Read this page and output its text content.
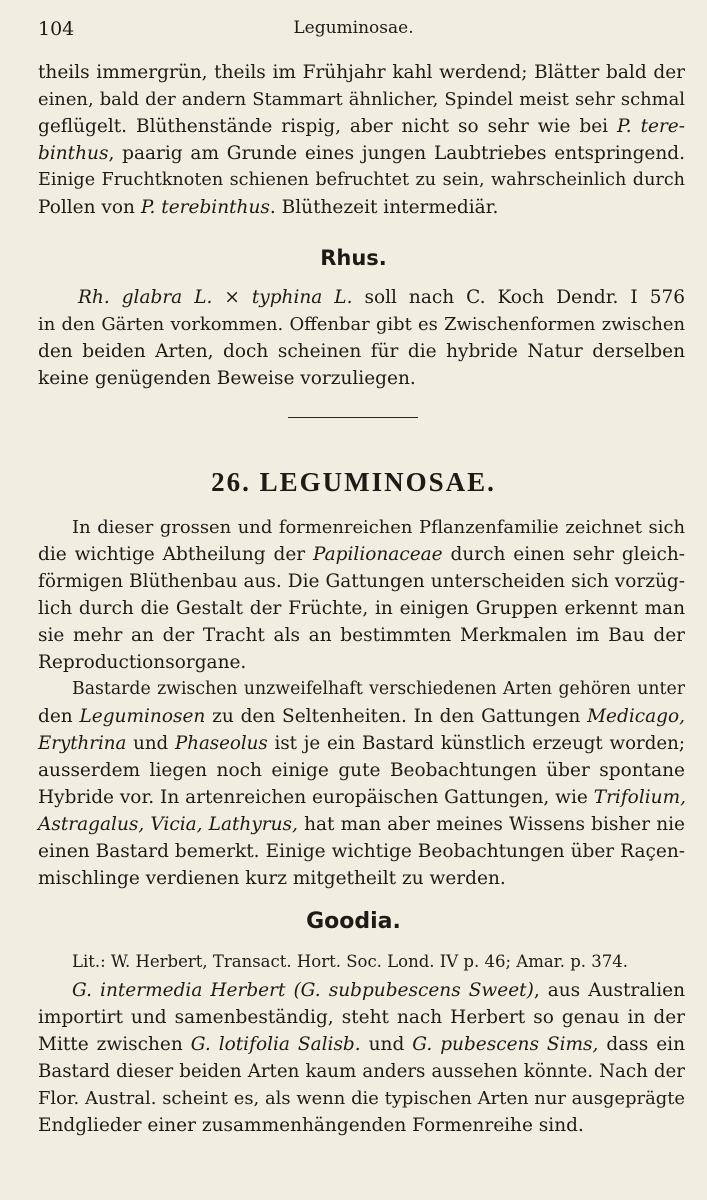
104	Leguminosae.
theils immergrün, theils im Frühjahr kahl werdend; Blätter bald der
einen, bald der andern Stammart ähnlicher, Spindel meist sehr schmal
geflügelt. Blüthenstände rispig, aber nicht so sehr wie bei P. tere-
binthus, paarig am Grunde eines jungen Laubtriebes entspringend.
Einige Fruchtknoten schienen befruchtet zu sein, wahrscheinlich durch
Pollen von P. terebinthus. Blüthezeit intermediär.
Rhus.
Rh. glabra L. × typhina L. soll nach C. Koch Dendr. I 576
in den Gärten vorkommen. Offenbar gibt es Zwischenformen zwischen
den beiden Arten, doch scheinen für die hybride Natur derselben
keine genügenden Beweise vorzuliegen.
26. LEGUMINOSAE.
In dieser grossen und formenreichen Pflanzenfamilie zeichnet sich
die wichtige Abtheilung der Papilionaceae durch einen sehr gleich-
förmigen Blüthenbau aus. Die Gattungen unterscheiden sich vorzüg-
lich durch die Gestalt der Früchte, in einigen Gruppen erkennt man
sie mehr an der Tracht als an bestimmten Merkmalen im Bau der
Reproductionsorgane.
Bastarde zwischen unzweifelhaft verschiedenen Arten gehören unter
den Leguminosen zu den Seltenheiten. In den Gattungen Medicago,
Erythrina und Phaseolus ist je ein Bastard künstlich erzeugt worden;
ausserdem liegen noch einige gute Beobachtungen über spontane
Hybride vor. In artenreichen europäischen Gattungen, wie Trifolium,
Astragalus, Vicia, Lathyrus, hat man aber meines Wissens bisher nie
einen Bastard bemerkt. Einige wichtige Beobachtungen über Raçen-
mischlinge verdienen kurz mitgetheilt zu werden.
Goodia.
Lit.: W. Herbert, Transact. Hort. Soc. Lond. IV p. 46; Amar. p. 374.
G. intermedia Herbert (G. subpubescens Sweet), aus Australien
importirt und samenbeständig, steht nach Herbert so genau in der
Mitte zwischen G. lotifolia Salisb. und G. pubescens Sims, dass ein
Bastard dieser beiden Arten kaum anders aussehen könnte. Nach der
Flor. Austral. scheint es, als wenn die typischen Arten nur ausgeprägte
Endglieder einer zusammenhängenden Formenreihe sind.
